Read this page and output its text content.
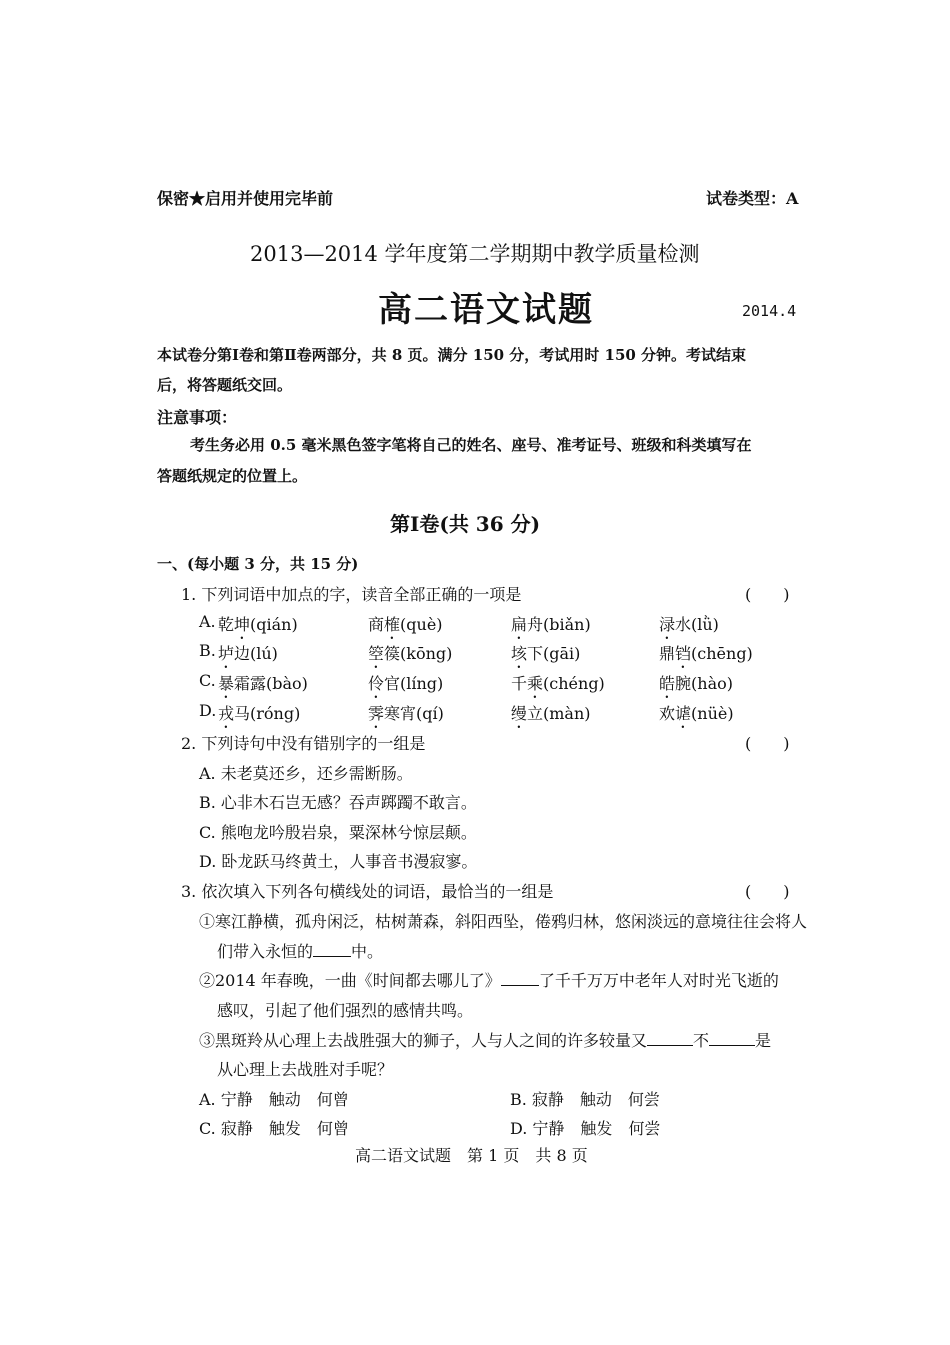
保密★启用并使用完毕前	试卷类型：A
2013—2014 学年度第二学期期中教学质量检测
高二语文试题	2014.4
本试卷分第Ⅰ卷和第Ⅱ卷两部分，共 8 页。满分 150 分，考试用时 150 分钟。考试结束
后，将答题纸交回。
注意事项：
考生务必用 0.5 毫米黑色签字笔将自己的姓名、座号、准考证号、班级和科类填写在
答题纸规定的位置上。
第Ⅰ卷(共 36 分)
一、(每小题 3 分，共 15 分)
1. 下列词语中加点的字，读音全部正确的一项是	(　　)
A. 乾坤(qián)	商榷(què)	扁舟(biǎn)	渌水(lǜ)
B. 垆边(lú)	箜篌(kōng)	垓下(gāi)	鼎铛(chēng)
C. 暴霜露(bào)	伶官(líng)	千乘(chéng)	皓腕(hào)
D. 戎马(róng)	霁寒宵(qí)	缦立(màn)	欢谑(nüè)
2. 下列诗句中没有错别字的一组是	(　　)
A. 未老莫还乡，还乡需断肠。
B. 心非木石岂无感？吞声踯躅不敢言。
C. 熊咆龙吟殷岩泉，粟深林兮惊层颠。
D. 卧龙跃马终黄土，人事音书漫寂寥。
3. 依次填入下列各句横线处的词语，最恰当的一组是	(　　)
①寒江静横，孤舟闲泛，枯树萧森，斜阳西坠，倦鸦归林，悠闲淡远的意境往往会将人
们带入永恒的 中。
②2014 年春晚，一曲《时间都去哪儿了》 了千千万万中老年人对时光飞逝的
感叹，引起了他们强烈的感情共鸣。
③黑斑羚从心理上去战胜强大的狮子，人与人之间的许多较量又	不	是
从心理上去战胜对手呢？
A. 宁静　触动　何曾	B. 寂静　触动　何尝
C. 寂静　触发　何曾	D. 宁静　触发　何尝
高二语文试题　第 1 页　共 8 页
